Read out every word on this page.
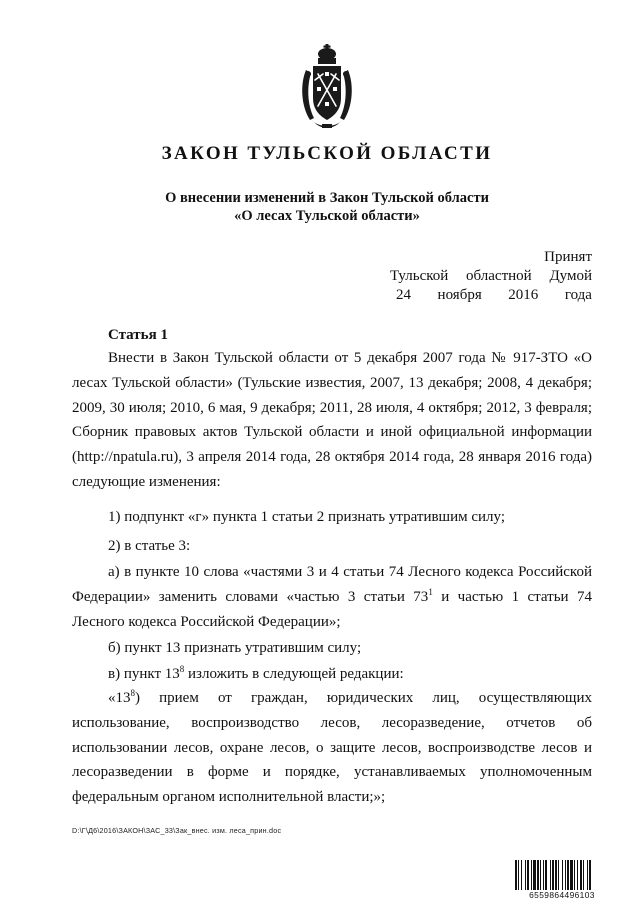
ЗАКОН ТУЛЬСКОЙ ОБЛАСТИ
О внесении изменений в Закон Тульской области
«О лесах Тульской области»
Принят
Тульской областной Думой
24 ноября 2016 года
Статья 1

Внести в Закон Тульской области от 5 декабря 2007 года № 917-ЗТО «О лесах Тульской области» (Тульские известия, 2007, 13 декабря; 2008, 4 декабря; 2009, 30 июля; 2010, 6 мая, 9 декабря; 2011, 28 июля, 4 октября; 2012, 3 февраля; Сборник правовых актов Тульской области и иной официальной информации (http://npatula.ru), 3 апреля 2014 года, 28 октября 2014 года, 28 января 2016 года) следующие изменения:

1) подпункт «г» пункта 1 статьи 2 признать утратившим силу;
2) в статье 3:

а) в пункте 10 слова «частями 3 и 4 статьи 74 Лесного кодекса Российской Федерации» заменить словами «частью 3 статьи $73^1$ и частью 1 статьи 74 Лесного кодекса Российской Федерации»;

б) пункт 13 признать утратившим силу;
в) пункт $13^8$ изложить в следующей редакции:

«$13^8$) прием от граждан, юридических лиц, осуществляющих использование, воспроизводство лесов, лесоразведение, отчетов об использовании лесов, охране лесов, о защите лесов, воспроизводстве лесов и лесоразведении в форме и порядке, устанавливаемых уполномоченным федеральным органом исполнительной власти;»;

D:\Г\Д6\2016\ЗАКОН\ЗАС_33\Зак_внес. изм. леса_прин.doc
6559864496103
